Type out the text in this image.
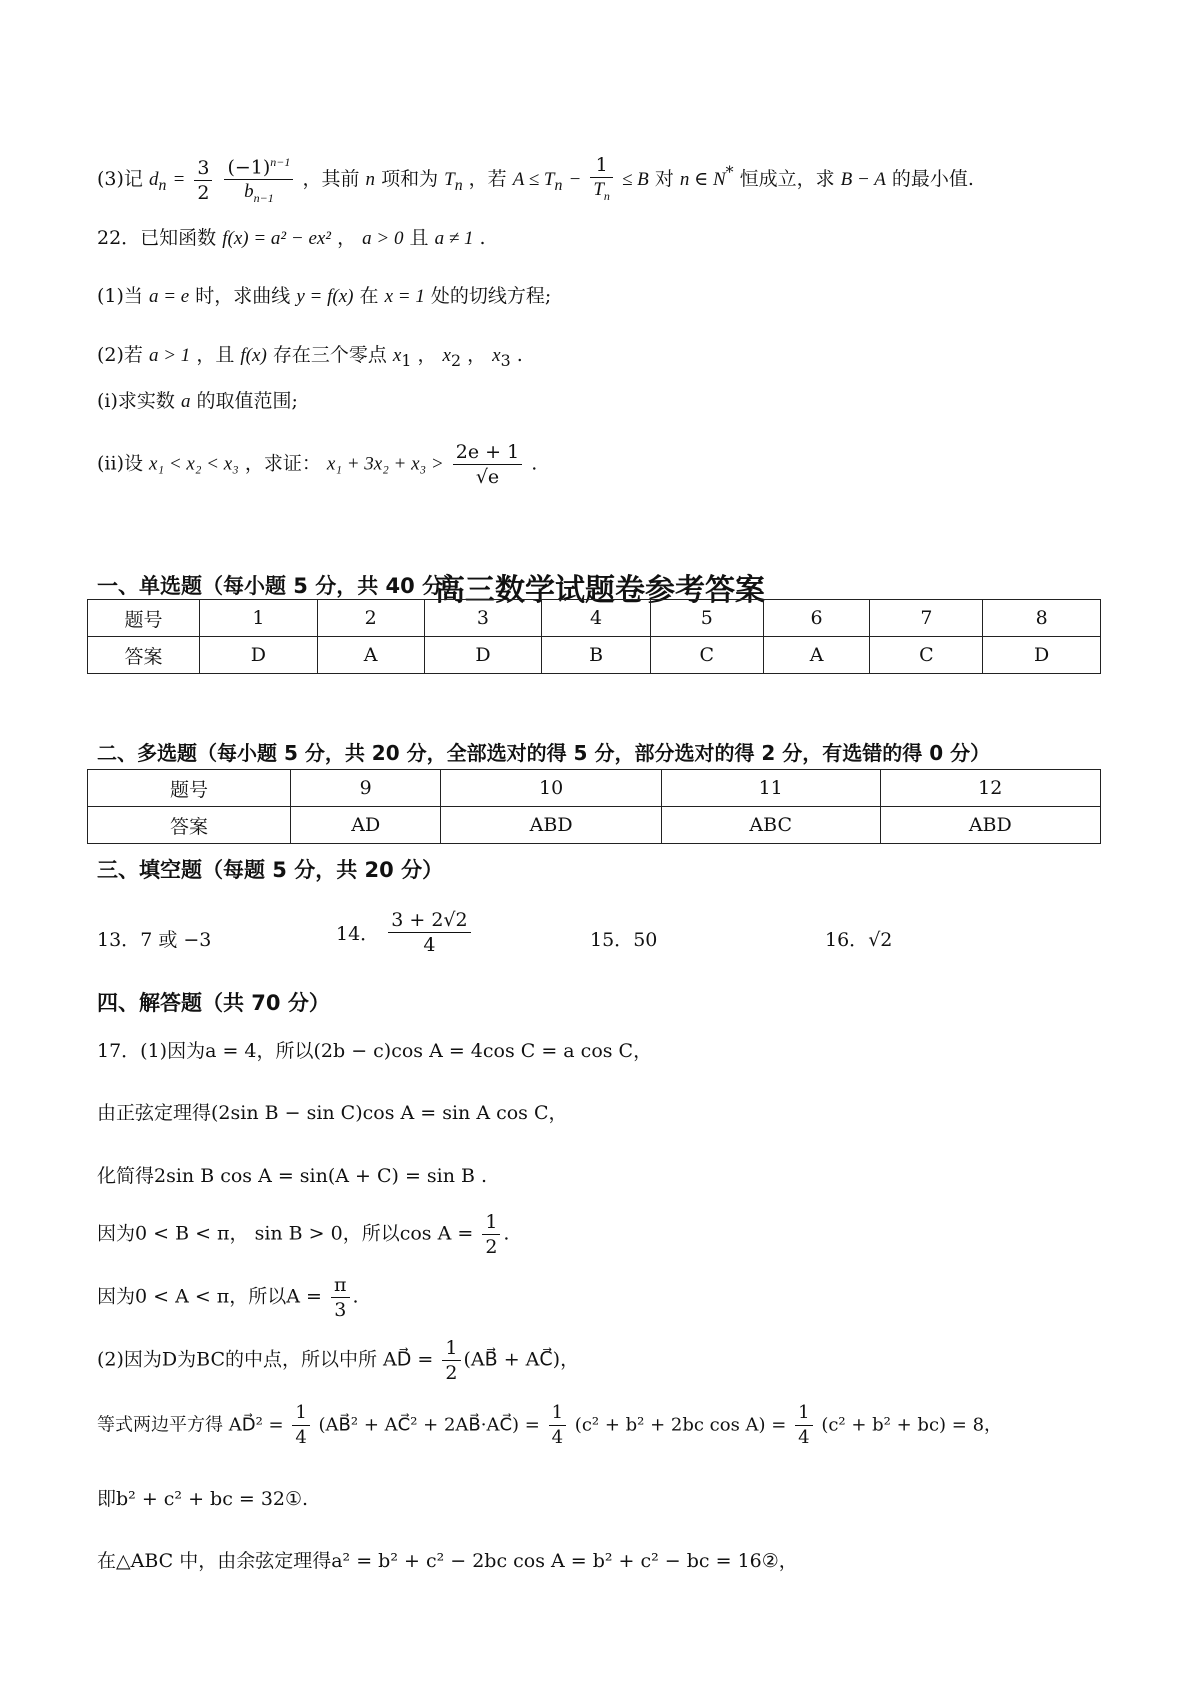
(3)记 $d_n = \frac{3}{2}$
$\frac{(-1)^{n-1}}{b_{n-1}}$ ，其前 n 项和为 $T_n$ ，若 $A \le T_n - \frac{1}{T_n} \le B$ 对 n ∈ N* 恒成立，求 B − A 的最小值.
22．已知函数 f(x) = a² − ex² ， a > 0 且 a ≠ 1 .
(1)当 a = e 时，求曲线 y = f(x) 在 x = 1 处的切线方程;
(2)若 a > 1 ，且 f(x) 存在三个零点 $x_1$ ， $x_2$ ， $x_3$ .
(i)求实数 a 的取值范围;
(ii)设 x₁ < x₂ < x₃ ，求证： $x_1 + 3x_2 + x_3 > \frac{2e + 1}{√e}$ .
高三数学试题卷参考答案
一、单选题（每小题 5 分，共 40 分）
题号	1	2	3	4	5	6	7	8
答案	D	A	D	B	C	A	C	D
二、多选题（每小题 5 分，共 20 分，全部选对的得 5 分，部分选对的得 2 分，有选错的得 0 分）
题号	9	10	11	12
答案	AD	ABD	ABC	ABD
三、填空题（每题 5 分，共 20 分）
13．7 或 −3	14． $\frac{3 + 2√2}{4}$	15．50	16．√2
四、解答题（共 70 分）
17．(1)因为a = 4，所以(2b − c)cos A = 4cos C = a cos C，
由正弦定理得(2sin B − sin C)cos A = sin A cos C，
化简得2sin B cos A = sin(A + C) = sin B .
因为0 < B < π， sin B > 0，所以$\cos A = \frac{1}{2}$ .
因为0 < A < π，所以$A = \frac{\pi}{3}$ .
(2)因为D为BC的中点，所以中所 AD⃗ = $\frac{1}{2}$ (AB⃗ + AC⃗)，
等式两边平方得 AD⃗² = $\frac{1}{4}$ (AB⃗² + AC⃗² + 2AB⃗·AC⃗) = $\frac{1}{4} (c^2 + b^2 + 2bc$ $\cos A) = \frac{1}{4} (c^2 + b^2 + bc) = 8$，
即b² + c² + bc = 32①.
在△ABC 中，由余弦定理得a² = b² + c² − 2bc cos A = b² + c² − bc = 16②，
